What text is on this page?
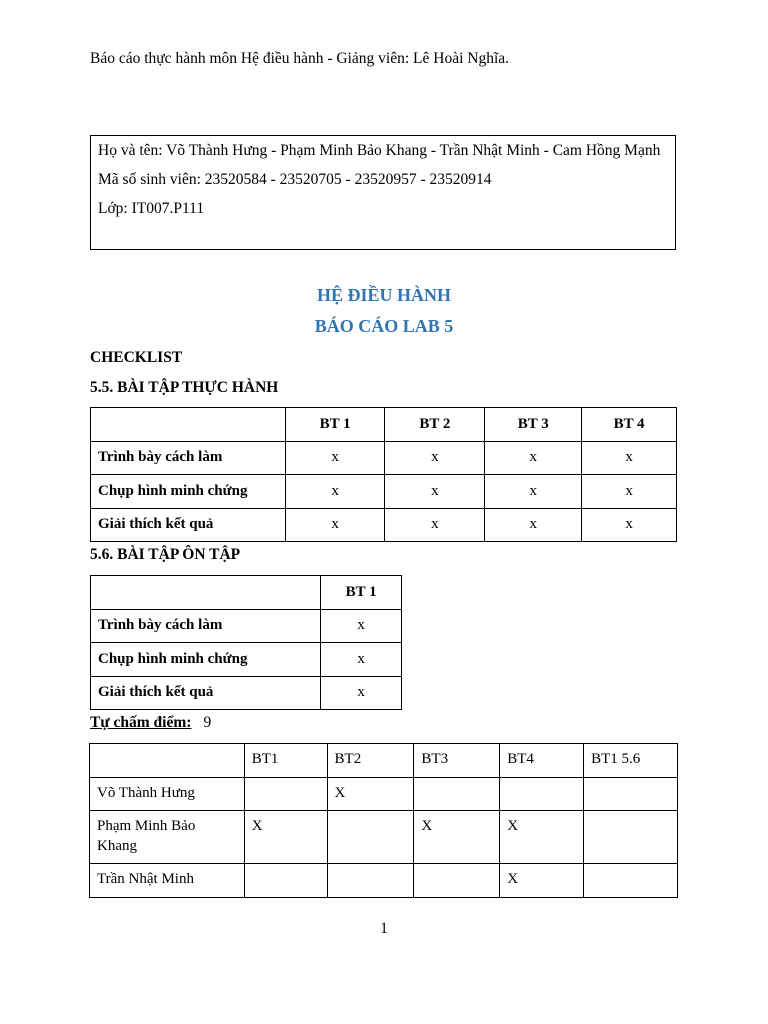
Báo cáo thực hành môn Hệ điều hành - Giảng viên: Lê Hoài Nghĩa.
Họ và tên: Võ Thành Hưng - Phạm Minh Bảo Khang - Trần Nhật Minh - Cam Hồng Mạnh
Mã số sinh viên: 23520584 - 23520705 - 23520957 - 23520914
Lớp: IT007.P111
HỆ ĐIỀU HÀNH
BÁO CÁO LAB 5
CHECKLIST
5.5. BÀI TẬP THỰC HÀNH
	BT 1	BT 2	BT 3	BT 4
Trình bày cách làm	x	x	x	x
Chụp hình minh chứng	x	x	x	x
Giải thích kết quả	x	x	x	x
5.6. BÀI TẬP ÔN TẬP
	BT 1
Trình bày cách làm	x
Chụp hình minh chứng	x
Giải thích kết quả	x
Tự chấm điểm: 9
	BT1	BT2	BT3	BT4	BT1 5.6
Võ Thành Hưng		X			
Phạm Minh Bảo Khang	X		X	X	
Trần Nhật Minh				X	
1
